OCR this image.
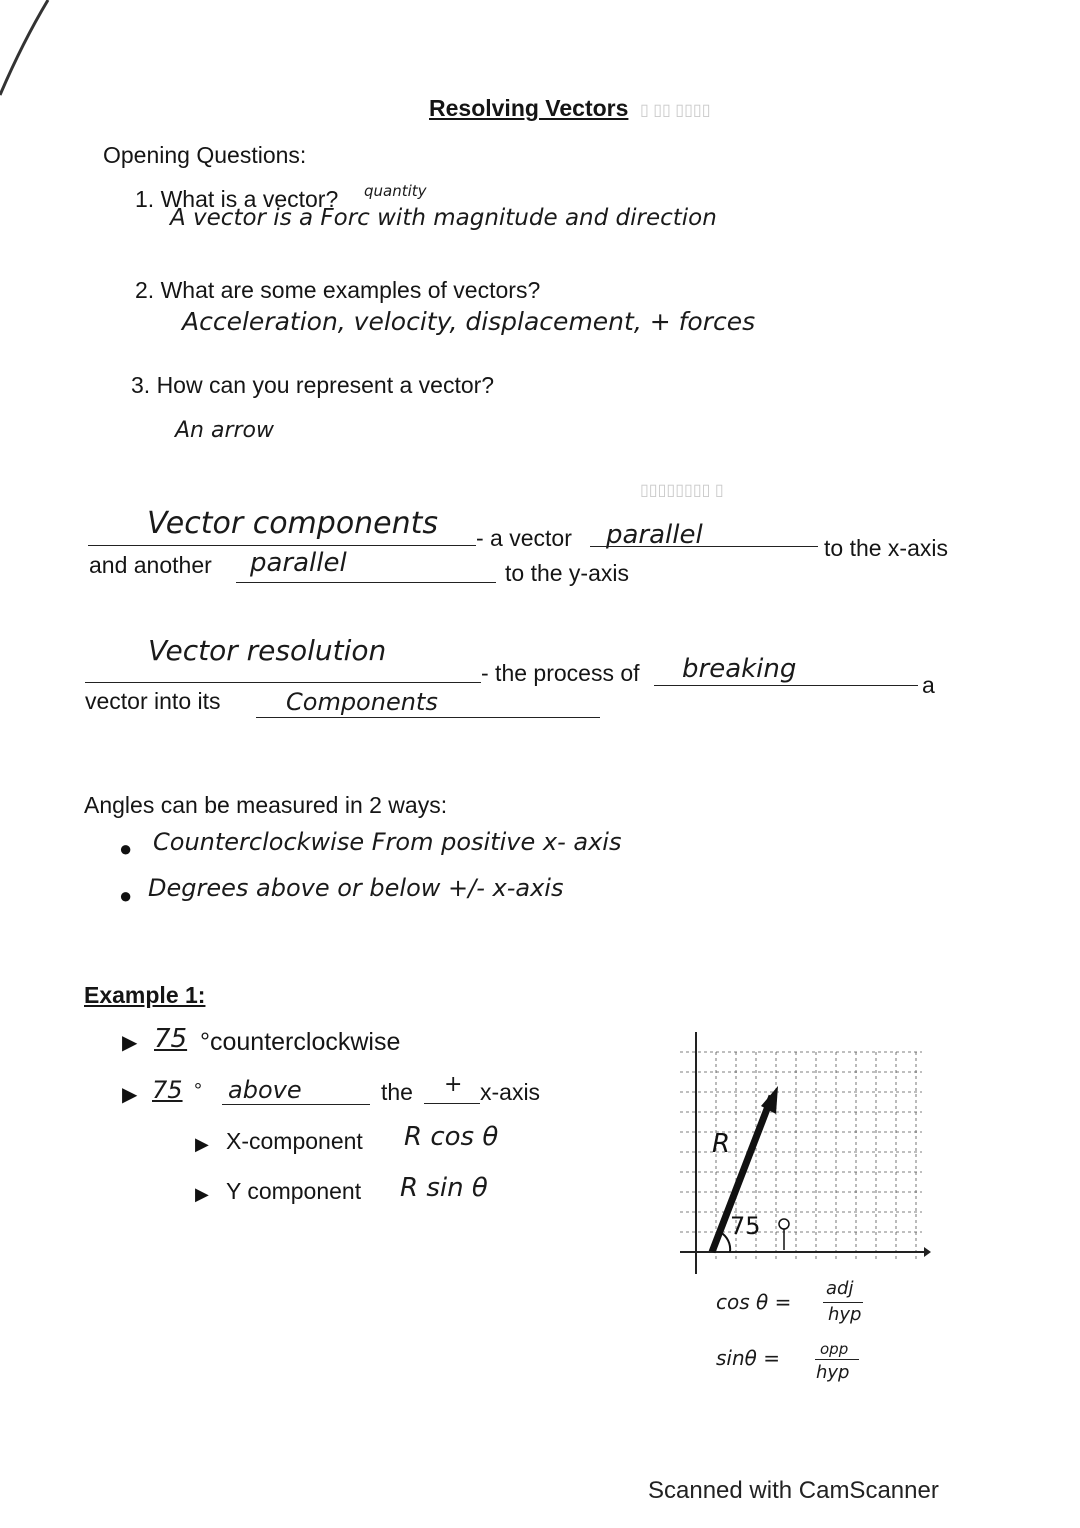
▯ ▯▯ ▯▯▯▯
▯▯▯▯▯▯▯▯ ▯
Resolving Vectors
Opening Questions:
1. What is a vector? quantity
A vector is a Forc with magnitude and direction
2. What are some examples of vectors?
Acceleration, velocity, displacement, + forces
3. How can you represent a vector?
An arrow
Vector components - a vector parallel	to the x-axis
and another parallel	to the y-axis
Vector resolution
- the process of breaking
a
vector into its	Components
Angles can be measured in 2 ways:
● Counterclockwise From positive x- axis
● Degrees above or below +/- x-axis
Example 1:
▶ 75 °counterclockwise
▶ 75 ° above	the + x-axis
▶ X-component R cos θ
▶ Y component R sin θ
R
75
cos θ =
adj
hyp
sinθ =	opp
hyp
Scanned with CamScanner
